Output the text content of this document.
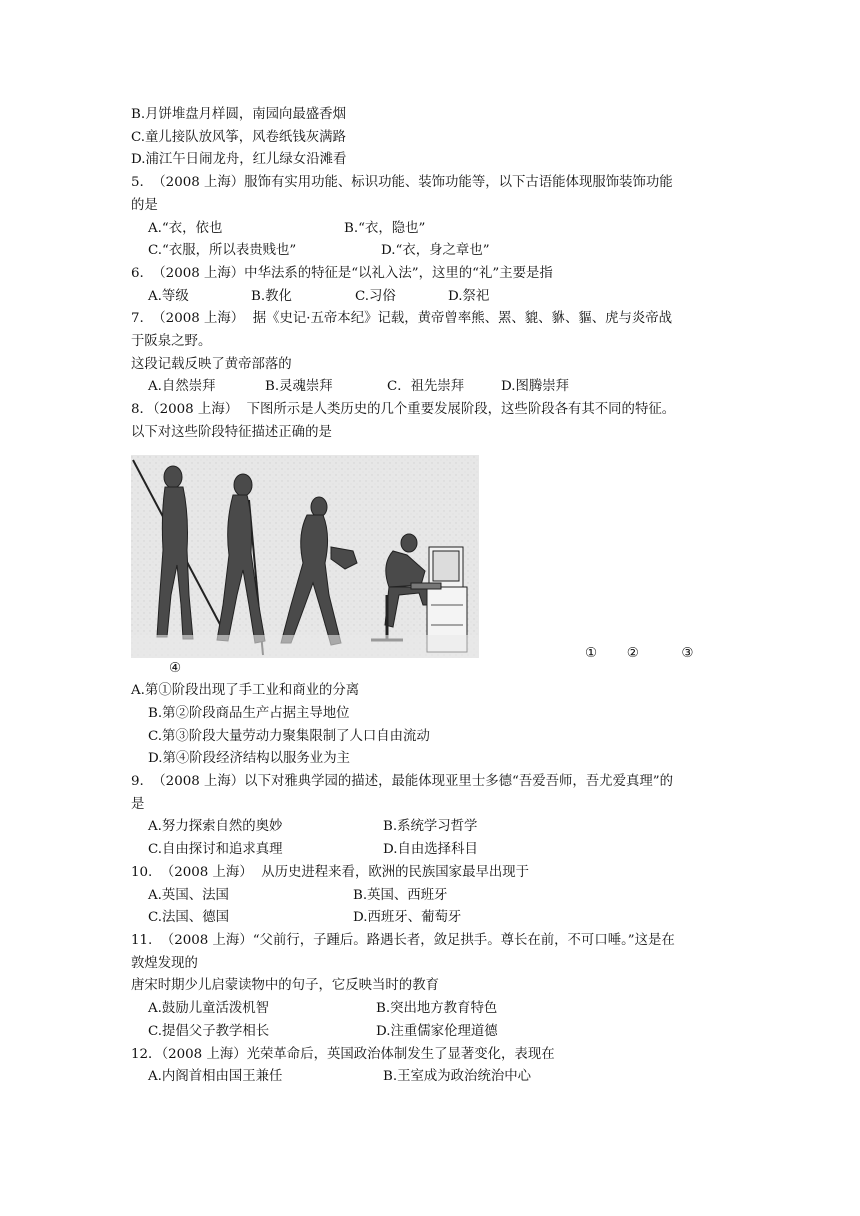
B.月饼堆盘月样圆，南园向最盛香烟
C.童儿接队放风筝，风卷纸钱灰满路
D.浦江午日闹龙舟，红儿绿女沿滩看
5.  （2008 上海）服饰有实用功能、标识功能、装饰功能等，以下古语能体现服饰装饰功能
的是
A.“衣，依也	B.“衣，隐也”
C.“衣服，所以表贵贱也”	D.“衣，身之章也”
6.  （2008 上海）中华法系的特征是“以礼入法”，这里的“礼”主要是指
A.等级	B.教化	C.习俗	D.祭祀
7.  （2008 上海）  据《史记·五帝本纪》记载，黄帝曾率熊、罴、貔、貅、貙、虎与炎帝战
于阪泉之野。
这段记载反映了黄帝部落的
A.自然崇拜	B.灵魂崇拜	C．祖先崇拜	D.图腾崇拜
8．（2008 上海）  下图所示是人类历史的几个重要发展阶段，这些阶段各有其不同的特征。
以下对这些阶段特征描述正确的是
①       ②          ③
④
A.第①阶段出现了手工业和商业的分离
B.第②阶段商品生产占据主导地位
C.第③阶段大量劳动力聚集限制了人口自由流动
D.第④阶段经济结构以服务业为主
9.  （2008 上海）以下对雅典学园的描述，最能体现亚里士多德“吾爱吾师，吾尤爱真理”的
是
A.努力探索自然的奥妙	B.系统学习哲学
C.自由探讨和追求真理	D.自由选择科目
10.  （2008 上海）  从历史进程来看，欧洲的民族国家最早出现于
A.英国、法国	B.英国、西班牙
C.法国、德国	D.西班牙、葡萄牙
11.  （2008 上海）“父前行，子踵后。路遇长者，敛足拱手。尊长在前，不可口唾。”这是在
敦煌发现的
唐宋时期少儿启蒙读物中的句子，它反映当时的教育
A.鼓励儿童活泼机智	B.突出地方教育特色
C.提倡父子教学相长	D.注重儒家伦理道德
12．（2008 上海）光荣革命后，英国政治体制发生了显著变化，表现在
A.内阁首相由国王兼任	B.王室成为政治统治中心
